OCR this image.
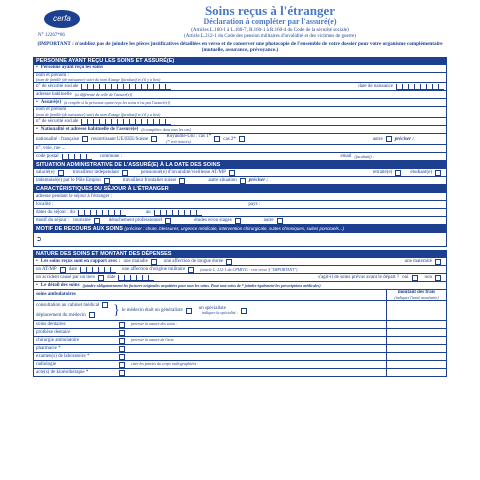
cerfa
N° 12267*06
Soins reçus à l'étranger
Déclaration à compléter par l'assuré(e)
(Articles L.160-1 à L.160-7, R.160-1 à R.160-4 du Code de la sécurité sociale)
(Article L.212-1 du Code des pension militaires d'invalidité et des victimes de guerre)
(IMPORTANT : n'oubliez pas de joindre les pièces justificatives détaillées en verso et de conserver une photocopie de l'ensemble de votre dossier pour votre organisme complémentaire (mutuelle, assurance, prévoyance.)
PERSONNE AYANT REÇU LES SOINS ET ASSURÉ(E)
• Personne ayant reçu les soins
nom et prénom :
(nom de famille (de naissance) suivi du nom d'usage (facultatif et s'il y a lieu)
n° de sécurité sociale	date de naissance
adresse habituelle (si différente de celle de l'assuré(e))
• Assuré(e) (à remplir si la personne ayant reçu les soins n'est pas l'assuré(e))
nom et prénom
(nom de famille (de naissance) suivi du nom d'usage (facultatif et s'il y a lieu)
n° de sécurité sociale
• Nationalité et adresse habituelle de l'assuré(e) (à compléter dans tous les cas)
nationalité : française ressortissant UE/EEE/Suisse	Royaume-Uni : cas 1*
(* voir notices)	cas 2*	autre préciser :
n°, voie, rue ...
code postal	commune :	email (facultatif) :
SITUATION ADMINISTRATIVE DE L'ASSURÉ(E) À LA DATE DES SOINS
salarié(e)	travailleur indépendant	pensionné(e) d'invalidité/vieillesse AT/MP	retraité(e)	étudiant(e)
indemnisé(e) par le Pôle Emploi	travailleur frontalier suisse	autre situation préciser :
CARACTÉRISTIQUES DU SÉJOUR À L'ÉTRANGER
adresse pendant le séjour à l'étranger :
localité :	pays :
dates du séjour : du	au
motif du séjour : tourisme	détachement professionnel	études et/ou stages	autre
MOTIF DE RECOURS AUX SOINS (préciser : chute, blessures, urgence médicale, intervention chirurgicale, suites chroniques, suites ponctuels...)
➲
NATURE DES SOINS ET MONTANT DES DÉPENSES
• Les soins reçus sont en rapport avec : une maladie	une affection de longue durée	une maternité
un AT/MP date	une affection d'origine militaire	(article L. 212-1 du CPMIVG - voir verso § "IMPORTANT")
un accident causé par un tiers date	s'agit-il de soins prévus avant le départ ? oui	non
• Le détail des soins (joindre obligatoirement les factures originales acquittées pour tous les soins. Pour tout soins de * joindre également les prescriptions médicales)
soins ambulatoires	montant des frais
(indiquer l'unité monétaire)
consultation au cabinet médical
déplacement du médecin	} le médecin était un généraliste	un spécialiste
indiquer la spécialité :
soins dentaires	préciser la nature des soins :
prothèse dentaire
chirurgie ambulatoire	préciser la nature de l'acte
pharmacie *
examen(s) de laboratoire *
radiologie	citer les parties du corps radiographiées :
acte(s) de kinésithérapie *
